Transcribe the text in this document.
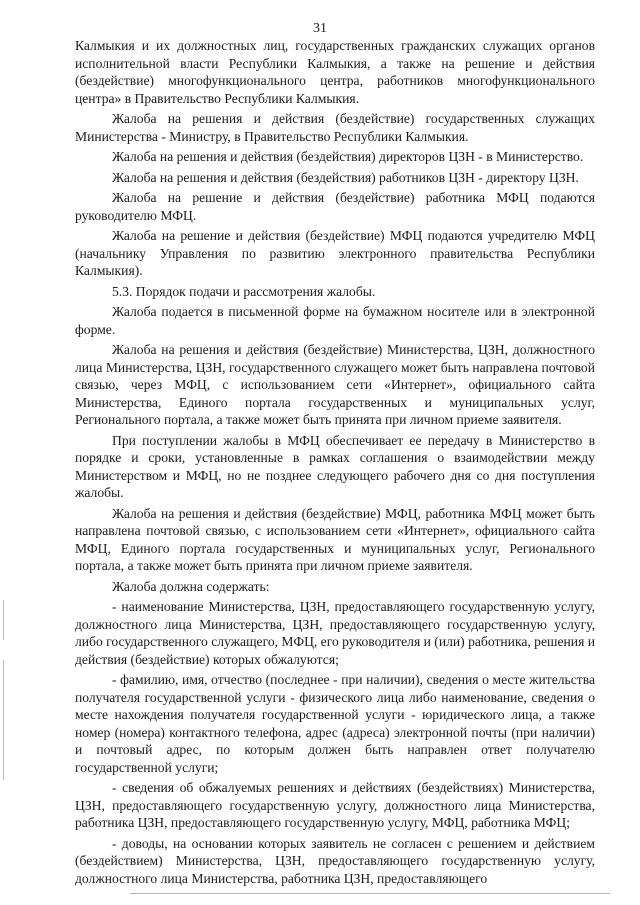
31

Калмыкия и их должностных лиц, государственных гражданских служащих органов исполнительной власти Республики Калмыкия, а также на решение и действия (бездействие) многофункционального центра, работников многофункционального центра» в Правительство Республики Калмыкия.

Жалоба на решения и действия (бездействие) государственных служащих Министерства - Министру, в Правительство Республики Калмыкия.

Жалоба на решения и действия (бездействия) директоров ЦЗН - в Министерство.

Жалоба на решения и действия (бездействия) работников ЦЗН - директору ЦЗН.

Жалоба на решение и действия (бездействие) работника МФЦ подаются руководителю МФЦ.

Жалоба на решение и действия (бездействие) МФЦ подаются учредителю МФЦ (начальнику Управления по развитию электронного правительства Республики Калмыкия).

5.3. Порядок подачи и рассмотрения жалобы.

Жалоба подается в письменной форме на бумажном носителе или в электронной форме.

Жалоба на решения и действия (бездействие) Министерства, ЦЗН, должностного лица Министерства, ЦЗН, государственного служащего может быть направлена почтовой связью, через МФЦ, с использованием сети «Интернет», официального сайта Министерства, Единого портала государственных и муниципальных услуг, Регионального портала, а также может быть принята при личном приеме заявителя.

При поступлении жалобы в МФЦ обеспечивает ее передачу в Министерство в порядке и сроки, установленные в рамках соглашения о взаимодействии между Министерством и МФЦ, но не позднее следующего рабочего дня со дня поступления жалобы.

Жалоба на решения и действия (бездействие) МФЦ, работника МФЦ может быть направлена почтовой связью, с использованием сети «Интернет», официального сайта МФЦ, Единого портала государственных и муниципальных услуг, Регионального портала, а также может быть принята при личном приеме заявителя.

Жалоба должна содержать:

- наименование Министерства, ЦЗН, предоставляющего государственную услугу, должностного лица Министерства, ЦЗН, предоставляющего государственную услугу, либо государственного служащего, МФЦ, его руководителя и (или) работника, решения и действия (бездействие) которых обжалуются;

- фамилию, имя, отчество (последнее - при наличии), сведения о месте жительства получателя государственной услуги - физического лица либо наименование, сведения о месте нахождения получателя государственной услуги - юридического лица, а также номер (номера) контактного телефона, адрес (адреса) электронной почты (при наличии) и почтовый адрес, по которым должен быть направлен ответ получателю государственной услуги;

- сведения об обжалуемых решениях и действиях (бездействиях) Министерства, ЦЗН, предоставляющего государственную услугу, должностного лица Министерства, работника ЦЗН, предоставляющего государственную услугу, МФЦ, работника МФЦ;

- доводы, на основании которых заявитель не согласен с решением и действием (бездействием) Министерства, ЦЗН, предоставляющего государственную услугу, должностного лица Министерства, работника ЦЗН, предоставляющего
